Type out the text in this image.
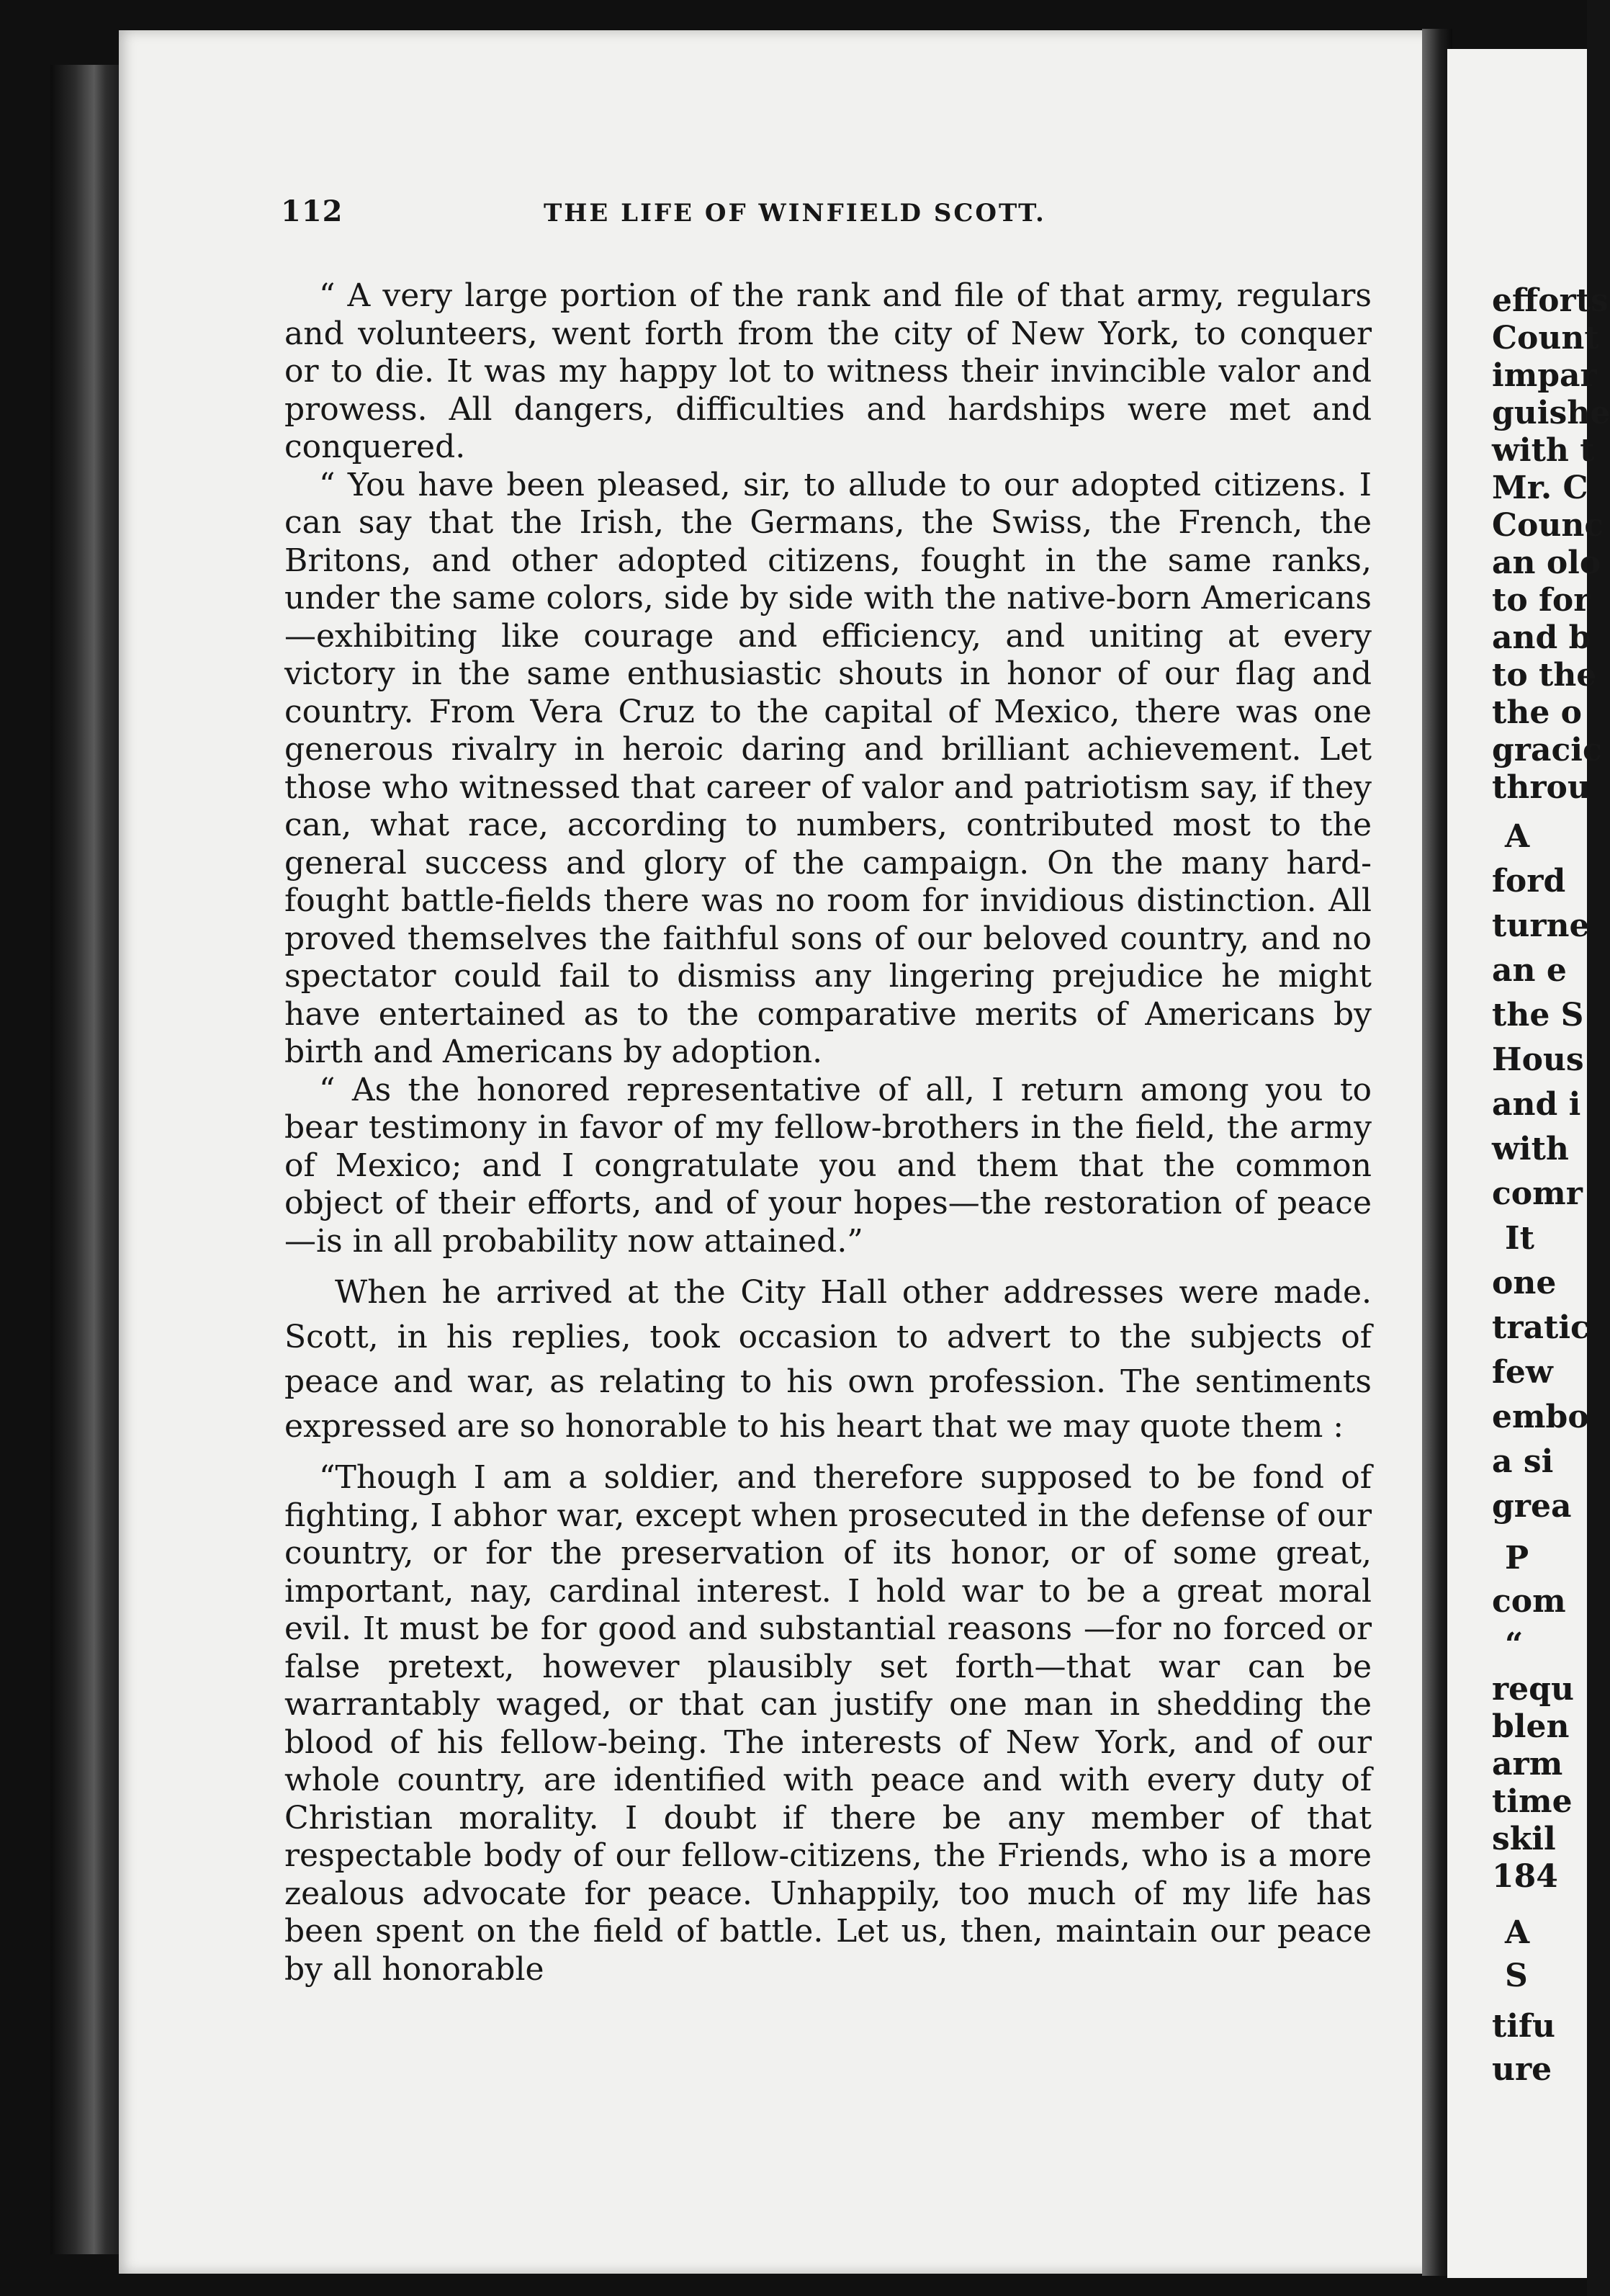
112	THE LIFE OF WINFIELD SCOTT.

“ A very large portion of the rank and file of that army, regulars and volunteers, went forth from the city of New York, to conquer or to die. It was my happy lot to witness their invincible valor and prowess. All dangers, difficulties and hardships were met and conquered.

“ You have been pleased, sir, to allude to our adopted citizens. I can say that the Irish, the Germans, the Swiss, the French, the Britons, and other adopted citizens, fought in the same ranks, under the same colors, side by side with the native-born Americans—exhibiting like courage and efficiency, and uniting at every victory in the same enthusiastic shouts in honor of our flag and country. From Vera Cruz to the capital of Mexico, there was one generous rivalry in heroic daring and brilliant achievement. Let those who witnessed that career of valor and patriotism say, if they can, what race, according to numbers, contributed most to the general success and glory of the campaign. On the many hard-fought battle-fields there was no room for invidious distinction. All proved themselves the faithful sons of our beloved country, and no spectator could fail to dismiss any lingering prejudice he might have entertained as to the comparative merits of Americans by birth and Americans by adoption.

“ As the honored representative of all, I return among you to bear testimony in favor of my fellow-brothers in the field, the army of Mexico; and I congratulate you and them that the common object of their efforts, and of your hopes—the restoration of peace—is in all probability now attained.”

When he arrived at the City Hall other addresses were made. Scott, in his replies, took occasion to advert to the subjects of peace and war, as relating to his own profession. The sentiments expressed are so honorable to his heart that we may quote them :

“Though I am a soldier, and therefore supposed to be fond of fighting, I abhor war, except when prosecuted in the defense of our country, or for the preservation of its honor, or of some great, important, nay, cardinal interest. I hold war to be a great moral evil. It must be for good and substantial reasons —for no forced or false pretext, however plausibly set forth—that war can be warrantably waged, or that can justify one man in shedding the blood of his fellow-being. The interests of New York, and of our whole country, are identified with peace and with every duty of Christian morality. I doubt if there be any member of that respectable body of our fellow-citizens, the Friends, who is a more zealous advocate for peace. Unhappily, too much of my life has been spent on the field of battle. Let us, then, maintain our peace by all honorable

efforts
Count
impar
guishe
with t
Mr. C
Counc
an olo
to for
and b
to the
the o
gracic
throu
A
ford
turne
an e
the S
Hous
and i
with
comr
It
one
tratic
few
embo
a si
grea
P
com
“
requ
blen
arm
time
skil
184
A
S
tifu
ure
